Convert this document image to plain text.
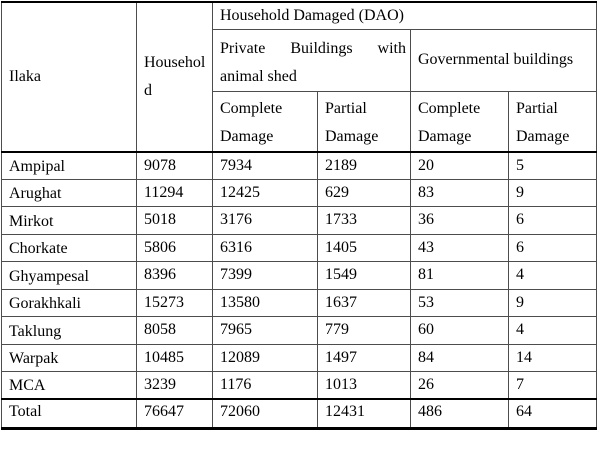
Ilaka	Household	Household Damaged (DAO)			
		Private Buildings with animal shed		Governmental buildings	
		Complete Damage	Partial Damage	Complete Damage	Partial Damage
Ampipal	9078	7934	2189	20	5
Arughat	11294	12425	629	83	9
Mirkot	5018	3176	1733	36	6
Chorkate	5806	6316	1405	43	6
Ghyampesal	8396	7399	1549	81	4
Gorakhkali	15273	13580	1637	53	9
Taklung	8058	7965	779	60	4
Warpak	10485	12089	1497	84	14
MCA	3239	1176	1013	26	7
Total	76647	72060	12431	486	64
